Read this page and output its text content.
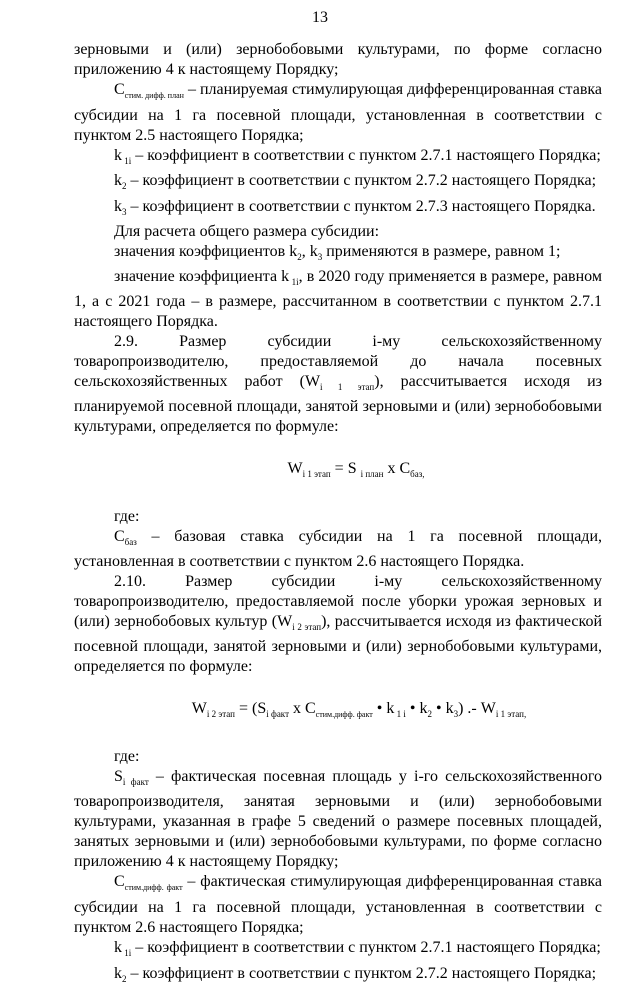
13

зерновыми и (или) зернобобовыми культурами, по форме согласно приложению 4 к настоящему Порядку;

$С_{стим. дифф. план}$ – планируемая стимулирующая дифференцированная ставка субсидии на 1 га посевной площади, установленная в соответствии с пунктом 2.5 настоящего Порядка;

k $_{1i}$ – коэффициент в соответствии с пунктом 2.7.1 настоящего Порядка;

$k_2$ – коэффициент в соответствии с пунктом 2.7.2 настоящего Порядка;

$k_3$ – коэффициент в соответствии с пунктом 2.7.3 настоящего Порядка.

Для расчета общего размера субсидии:

значения коэффициентов $k_2$, $k_3$ применяются в размере, равном 1;

значение коэффициента k $_{1i}$, в 2020 году применяется в размере, равном 1, а с 2021 года – в размере, рассчитанном в соответствии с пунктом 2.7.1 настоящего Порядка.

2.9. Размер субсидии i-му сельскохозяйственному товаропроизводителю, предоставляемой до начала посевных сельскохозяйственных работ $(W_{i 1 этап})$, рассчитывается исходя из планируемой посевной площади, занятой зерновыми и (или) зернобобовыми культурами, определяется по формуле:

$W_{i 1 этап} = S$ $_{i план}$ х $С_{баз,}$

где:

$С_{баз}$ – базовая ставка субсидии на 1 га посевной площади, установленная в соответствии с пунктом 2.6 настоящего Порядка.

2.10. Размер субсидии i-му сельскохозяйственному товаропроизводителю, предоставляемой после уборки урожая зерновых и (или) зернобобовых культур $(W_{i 2 этап})$, рассчитывается исходя из фактической посевной площади, занятой зерновыми и (или) зернобобовыми культурами, определяется по формуле:

$W_{i 2 этап} = (S_{i факт}$ х $С_{стим.дифф. факт}$ • k $_{1 i}$ • $k_2$ • $k_3$) .- $W_{i 1 этап,}$

где:

$S_{i факт}$ – фактическая посевная площадь у i-го сельскохозяйственного товаропроизводителя, занятая зерновыми и (или) зернобобовыми культурами, указанная в графе 5 сведений о размере посевных площадей, занятых зерновыми и (или) зернобобовыми культурами, по форме согласно приложению 4 к настоящему Порядку;

$С_{стим.дифф. факт}$ – фактическая стимулирующая дифференцированная ставка субсидии на 1 га посевной площади, установленная в соответствии с пунктом 2.6 настоящего Порядка;

k $_{1i}$ – коэффициент в соответствии с пунктом 2.7.1 настоящего Порядка;

$k_2$ – коэффициент в соответствии с пунктом 2.7.2 настоящего Порядка;
